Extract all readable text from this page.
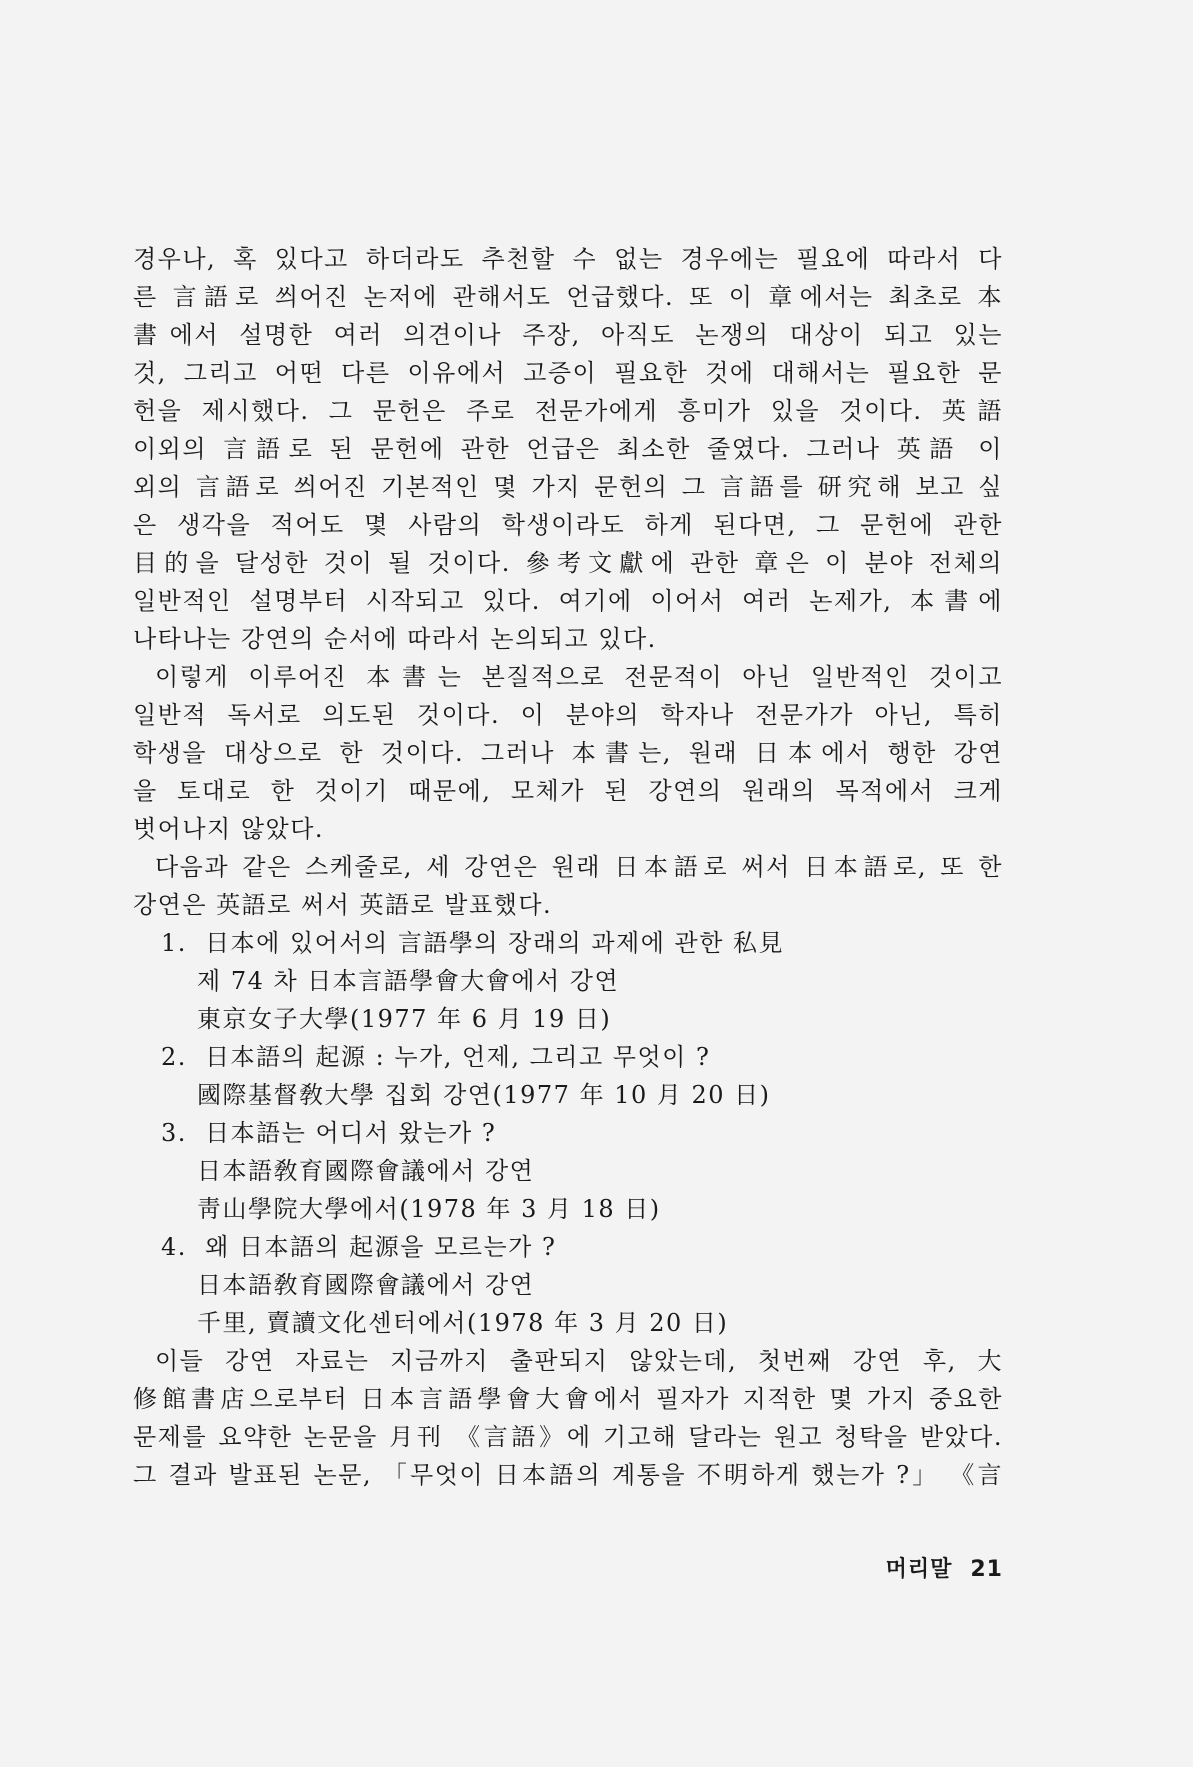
경우나, 혹 있다고 하더라도 추천할 수 없는 경우에는 필요에 따라서 다
른 言語로 씌어진 논저에 관해서도 언급했다. 또 이 章에서는 최초로 本
書에서 설명한 여러 의견이나 주장, 아직도 논쟁의 대상이 되고 있는
것, 그리고 어떤 다른 이유에서 고증이 필요한 것에 대해서는 필요한 문
헌을 제시했다. 그 문헌은 주로 전문가에게 흥미가 있을 것이다. 英語
이외의 言語로 된 문헌에 관한 언급은 최소한 줄였다. 그러나 英語 이
외의 言語로 씌어진 기본적인 몇 가지 문헌의 그 言語를 研究해 보고 싶
은 생각을 적어도 몇 사람의 학생이라도 하게 된다면, 그 문헌에 관한
目的을 달성한 것이 될 것이다. 參考文獻에 관한 章은 이 분야 전체의
일반적인 설명부터 시작되고 있다. 여기에 이어서 여러 논제가, 本書에
나타나는 강연의 순서에 따라서 논의되고 있다.
이렇게 이루어진 本書는 본질적으로 전문적이 아닌 일반적인 것이고
일반적 독서로 의도된 것이다. 이 분야의 학자나 전문가가 아닌, 특히
학생을 대상으로 한 것이다. 그러나 本書는, 원래 日本에서 행한 강연
을 토대로 한 것이기 때문에, 모체가 된 강연의 원래의 목적에서 크게
벗어나지 않았다.
다음과 같은 스케줄로, 세 강연은 원래 日本語로 써서 日本語로, 또 한
강연은 英語로 써서 英語로 발표했다.
1. 日本에 있어서의 言語學의 장래의 과제에 관한 私見
제 74 차 日本言語學會大會에서 강연
東京女子大學(1977 年 6 月 19 日)
2. 日本語의 起源 : 누가, 언제, 그리고 무엇이 ?
國際基督敎大學 집회 강연(1977 年 10 月 20 日)
3. 日本語는 어디서 왔는가 ?
日本語敎育國際會議에서 강연
靑山學院大學에서(1978 年 3 月 18 日)
4. 왜 日本語의 起源을 모르는가 ?
日本語敎育國際會議에서 강연
千里, 賣讀文化센터에서(1978 年 3 月 20 日)
이들 강연 자료는 지금까지 출판되지 않았는데, 첫번째 강연 후, 大
修館書店으로부터 日本言語學會大會에서 필자가 지적한 몇 가지 중요한
문제를 요약한 논문을 月刊 《言語》에 기고해 달라는 원고 청탁을 받았다.
그 결과 발표된 논문, 「무엇이 日本語의 계통을 不明하게 했는가 ?」 《言
머리말 21
